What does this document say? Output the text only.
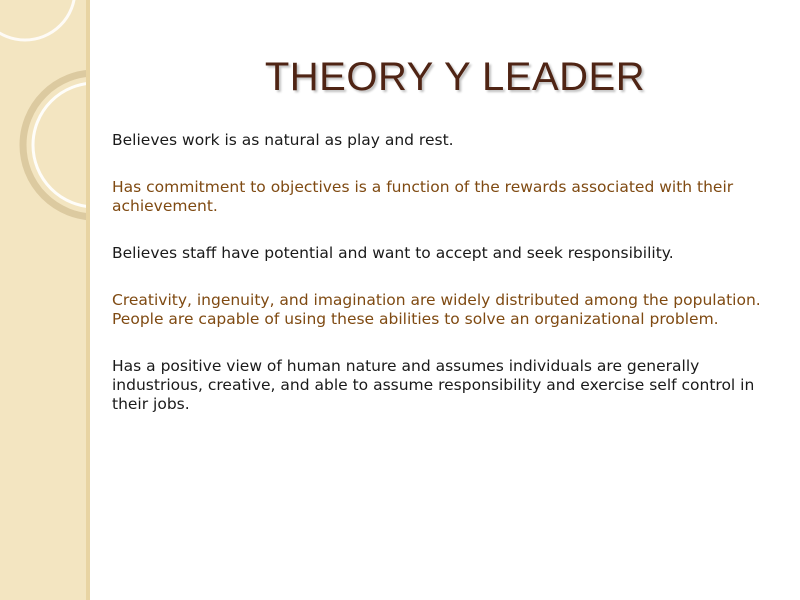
THEORY Y LEADER

Believes work is as natural as play and rest.

Has commitment to objectives is a function of the rewards associated with their achievement.

Believes staff have potential and want to accept and seek responsibility.

Creativity, ingenuity, and imagination are widely distributed among the population. People are capable of using these abilities to solve an organizational problem.

Has a positive view of human nature and assumes individuals are generally industrious, creative, and able to assume responsibility and exercise self control in their jobs.
